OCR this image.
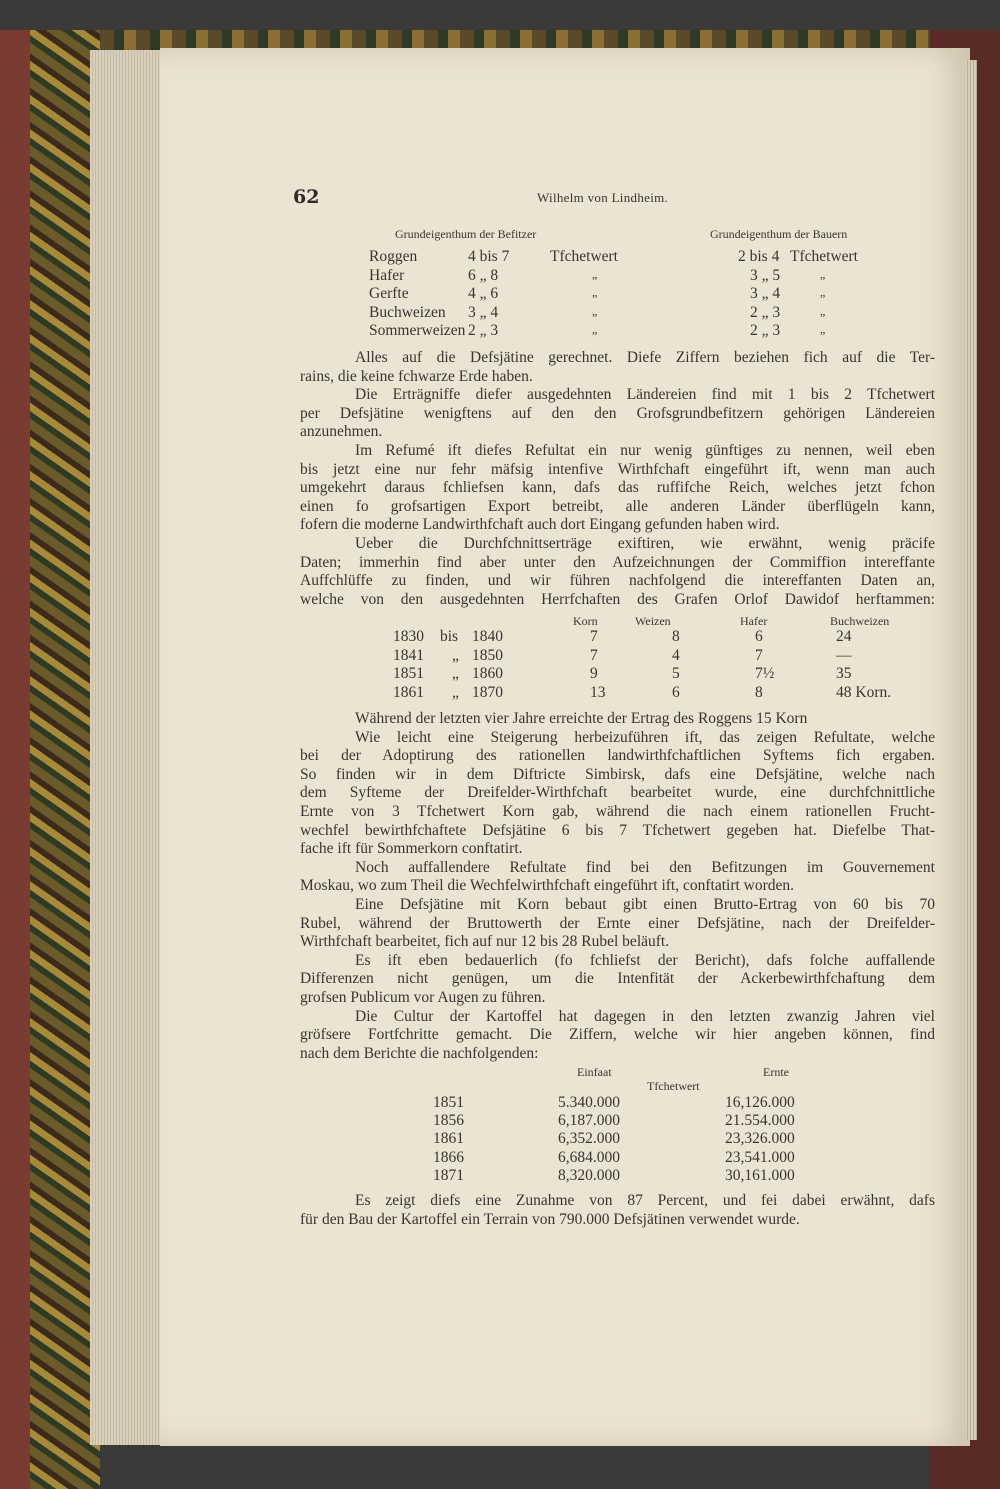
62	Wilhelm von Lindheim.
Grundeigenthum der Befitzer	Grundeigenthum der Bauern
Roggen	4 bis 7	Tfchetwert	2 bis 4 Tfchetwert
Hafer	6 „ 8	„	3 „ 5	„
Gerfte	4 „ 6	„	3 „ 4	„
Buchweizen 3 „ 4	„	2 „ 3	„
Sommerweizen 2 „ 3	„	2 „ 3	„
Alles auf die Defsjätine gerechnet. Diefe Ziffern beziehen fich auf die Ter-
rains, die keine fchwarze Erde haben.
Die Erträgniffe diefer ausgedehnten Ländereien find mit 1 bis 2 Tfchetwert
per Defsjätine wenigftens auf den den Grofsgrundbefitzern gehörigen Ländereien
anzunehmen.
Im Refumé ift diefes Refultat ein nur wenig günftiges zu nennen, weil eben
bis jetzt eine nur fehr mäfsig intenfive Wirthfchaft eingeführt ift, wenn man auch
umgekehrt daraus fchliefsen kann, dafs das ruffifche Reich, welches jetzt fchon
einen fo grofsartigen Export betreibt, alle anderen Länder überflügeln kann,
fofern die moderne Landwirthfchaft auch dort Eingang gefunden haben wird.
Ueber die Durchfchnittserträge exiftiren, wie erwähnt, wenig präcife
Daten; immerhin find aber unter den Aufzeichnungen der Commiffion intereffante
Auffchlüffe zu finden, und wir führen nachfolgend die intereffanten Daten an,
welche von den ausgedehnten Herrfchaften des Grafen Orlof Dawidof herftammen:
Korn	Weizen	Hafer	Buchweizen
1830 bis 1840	7	8	6	24
1841 „ 1850	7	4	7	—
1851 „ 1860	9	5	7½	35
1861 „ 1870	13	6	8	48 Korn.
Während der letzten vier Jahre erreichte der Ertrag des Roggens 15 Korn
Wie leicht eine Steigerung herbeizuführen ift, das zeigen Refultate, welche
bei der Adoptirung des rationellen landwirthfchaftlichen Syftems fich ergaben.
So finden wir in dem Diftricte Simbirsk, dafs eine Defsjätine, welche nach
dem Syfteme der Dreifelder-Wirthfchaft bearbeitet wurde, eine durchfchnittliche
Ernte von 3 Tfchetwert Korn gab, während die nach einem rationellen Frucht-
wechfel bewirthfchaftete Defsjätine 6 bis 7 Tfchetwert gegeben hat. Diefelbe That-
fache ift für Sommerkorn conftatirt.
Noch auffallendere Refultate find bei den Befitzungen im Gouvernement
Moskau, wo zum Theil die Wechfelwirthfchaft eingeführt ift, conftatirt worden.
Eine Defsjätine mit Korn bebaut gibt einen Brutto-Ertrag von 60 bis 70
Rubel, während der Bruttowerth der Ernte einer Defsjätine, nach der Dreifelder-
Wirthfchaft bearbeitet, fich auf nur 12 bis 28 Rubel beläuft.
Es ift eben bedauerlich (fo fchliefst der Bericht), dafs folche auffallende
Differenzen nicht genügen, um die Intenfität der Ackerbewirthfchaftung dem
grofsen Publicum vor Augen zu führen.
Die Cultur der Kartoffel hat dagegen in den letzten zwanzig Jahren viel
gröfsere Fortfchritte gemacht. Die Ziffern, welche wir hier angeben können, find
nach dem Berichte die nachfolgenden:
Einfaat	Ernte
Tfchetwert
1851	5.340.000	16,126.000
1856	6,187.000	21.554.000
1861	6,352.000	23,326.000
1866	6,684.000	23,541.000
1871	8,320.000	30,161.000
Es zeigt diefs eine Zunahme von 87 Percent, und fei dabei erwähnt, dafs
für den Bau der Kartoffel ein Terrain von 790.000 Defsjätinen verwendet wurde.
